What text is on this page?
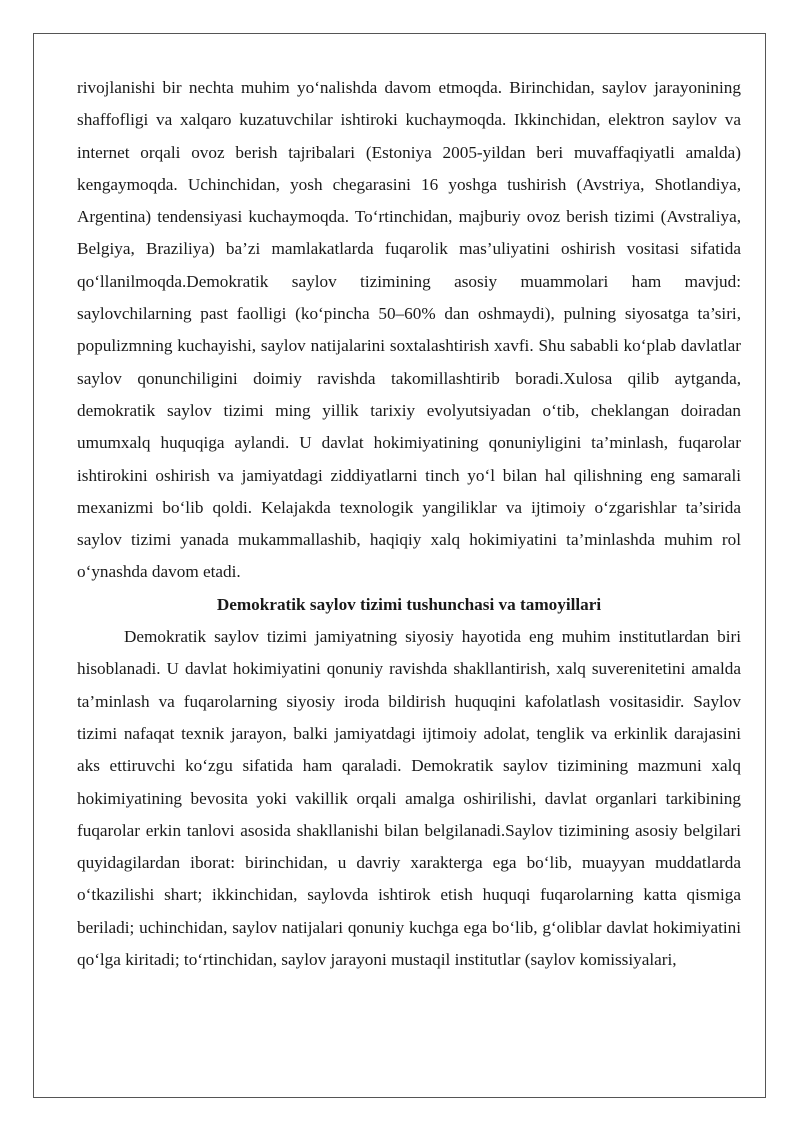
rivojlanishi bir nechta muhim yo‘nalishda davom etmoqda. Birinchidan, saylov jarayonining shaffofligi va xalqaro kuzatuvchilar ishtiroki kuchaymoqda. Ikkinchidan, elektron saylov va internet orqali ovoz berish tajribalari (Estoniya 2005-yildan beri muvaffaqiyatli amalda) kengaymoqda. Uchinchidan, yosh chegarasini 16 yoshga tushirish (Avstriya, Shotlandiya, Argentina) tendensiyasi kuchaymoqda. To‘rtinchidan, majburiy ovoz berish tizimi (Avstraliya, Belgiya, Braziliya) ba’zi mamlakatlarda fuqarolik mas’uliyatini oshirish vositasi sifatida qo‘llanilmoqda.Demokratik saylov tizimining asosiy muammolari ham mavjud: saylovchilarning past faolligi (ko‘pincha 50–60% dan oshmaydi), pulning siyosatga ta’siri, populizmning kuchayishi, saylov natijalarini soxtalashtirish xavfi. Shu sababli ko‘plab davlatlar saylov qonunchiligini doimiy ravishda takomillashtirib boradi.Xulosa qilib aytganda, demokratik saylov tizimi ming yillik tarixiy evolyutsiyadan o‘tib, cheklangan doiradan umumxalq huquqiga aylandi. U davlat hokimiyatining qonuniyligini ta’minlash, fuqarolar ishtirokini oshirish va jamiyatdagi ziddiyatlarni tinch yo‘l bilan hal qilishning eng samarali mexanizmi bo‘lib qoldi. Kelajakda texnologik yangiliklar va ijtimoiy o‘zgarishlar ta’sirida saylov tizimi yanada mukammallashib, haqiqiy xalq hokimiyatini ta’minlashda muhim rol o‘ynashda davom etadi.

Demokratik saylov tizimi tushunchasi va tamoyillari

Demokratik saylov tizimi jamiyatning siyosiy hayotida eng muhim institutlardan biri hisoblanadi. U davlat hokimiyatini qonuniy ravishda shakllantirish, xalq suverenitetini amalda ta’minlash va fuqarolarning siyosiy iroda bildirish huquqini kafolatlash vositasidir. Saylov tizimi nafaqat texnik jarayon, balki jamiyatdagi ijtimoiy adolat, tenglik va erkinlik darajasini aks ettiruvchi ko‘zgu sifatida ham qaraladi. Demokratik saylov tizimining mazmuni xalq hokimiyatining bevosita yoki vakillik orqali amalga oshirilishi, davlat organlari tarkibining fuqarolar erkin tanlovi asosida shakllanishi bilan belgilanadi.Saylov tizimining asosiy belgilari quyidagilardan iborat: birinchidan, u davriy xarakterga ega bo‘lib, muayyan muddatlarda o‘tkazilishi shart; ikkinchidan, saylovda ishtirok etish huquqi fuqarolarning katta qismiga beriladi; uchinchidan, saylov natijalari qonuniy kuchga ega bo‘lib, g‘oliblar davlat hokimiyatini qo‘lga kiritadi; to‘rtinchidan, saylov jarayoni mustaqil institutlar (saylov komissiyalari,
